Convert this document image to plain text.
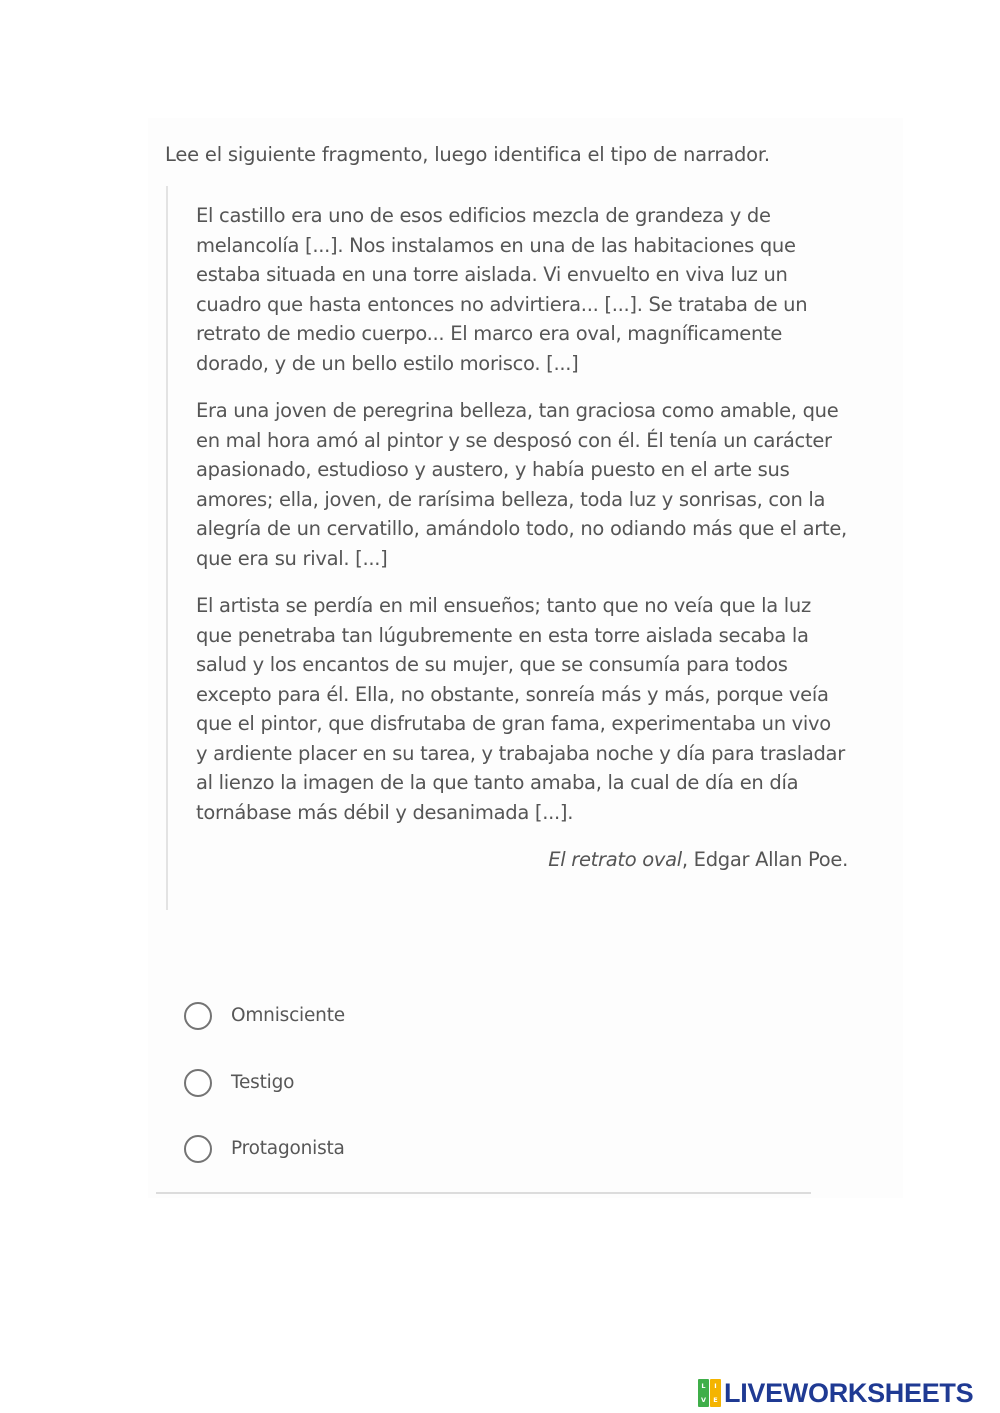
Lee el siguiente fragmento, luego identifica el tipo de narrador.

El castillo era uno de esos edificios mezcla de grandeza y de melancolía [...]. Nos instalamos en una de las habitaciones que estaba situada en una torre aislada. Vi envuelto en viva luz un cuadro que hasta entonces no advirtiera... [...]. Se trataba de un retrato de medio cuerpo... El marco era oval, magníficamente dorado, y de un bello estilo morisco. [...]

Era una joven de peregrina belleza, tan graciosa como amable, que en mal hora amó al pintor y se desposó con él. Él tenía un carácter apasionado, estudioso y austero, y había puesto en el arte sus amores; ella, joven, de rarísima belleza, toda luz y sonrisas, con la alegría de un cervatillo, amándolo todo, no odiando más que el arte, que era su rival. [...]

El artista se perdía en mil ensueños; tanto que no veía que la luz que penetraba tan lúgubremente en esta torre aislada secaba la salud y los encantos de su mujer, que se consumía para todos excepto para él. Ella, no obstante, sonreía más y más, porque veía que el pintor, que disfrutaba de gran fama, experimentaba un vivo y ardiente placer en su tarea, y trabajaba noche y día para trasladar al lienzo la imagen de la que tanto amaba, la cual de día en día tornábase más débil y desanimada [...].

El retrato oval, Edgar Allan Poe.

Omnisciente
Testigo
Protagonista
L
V
I
E LIVEWORKSHEETS
